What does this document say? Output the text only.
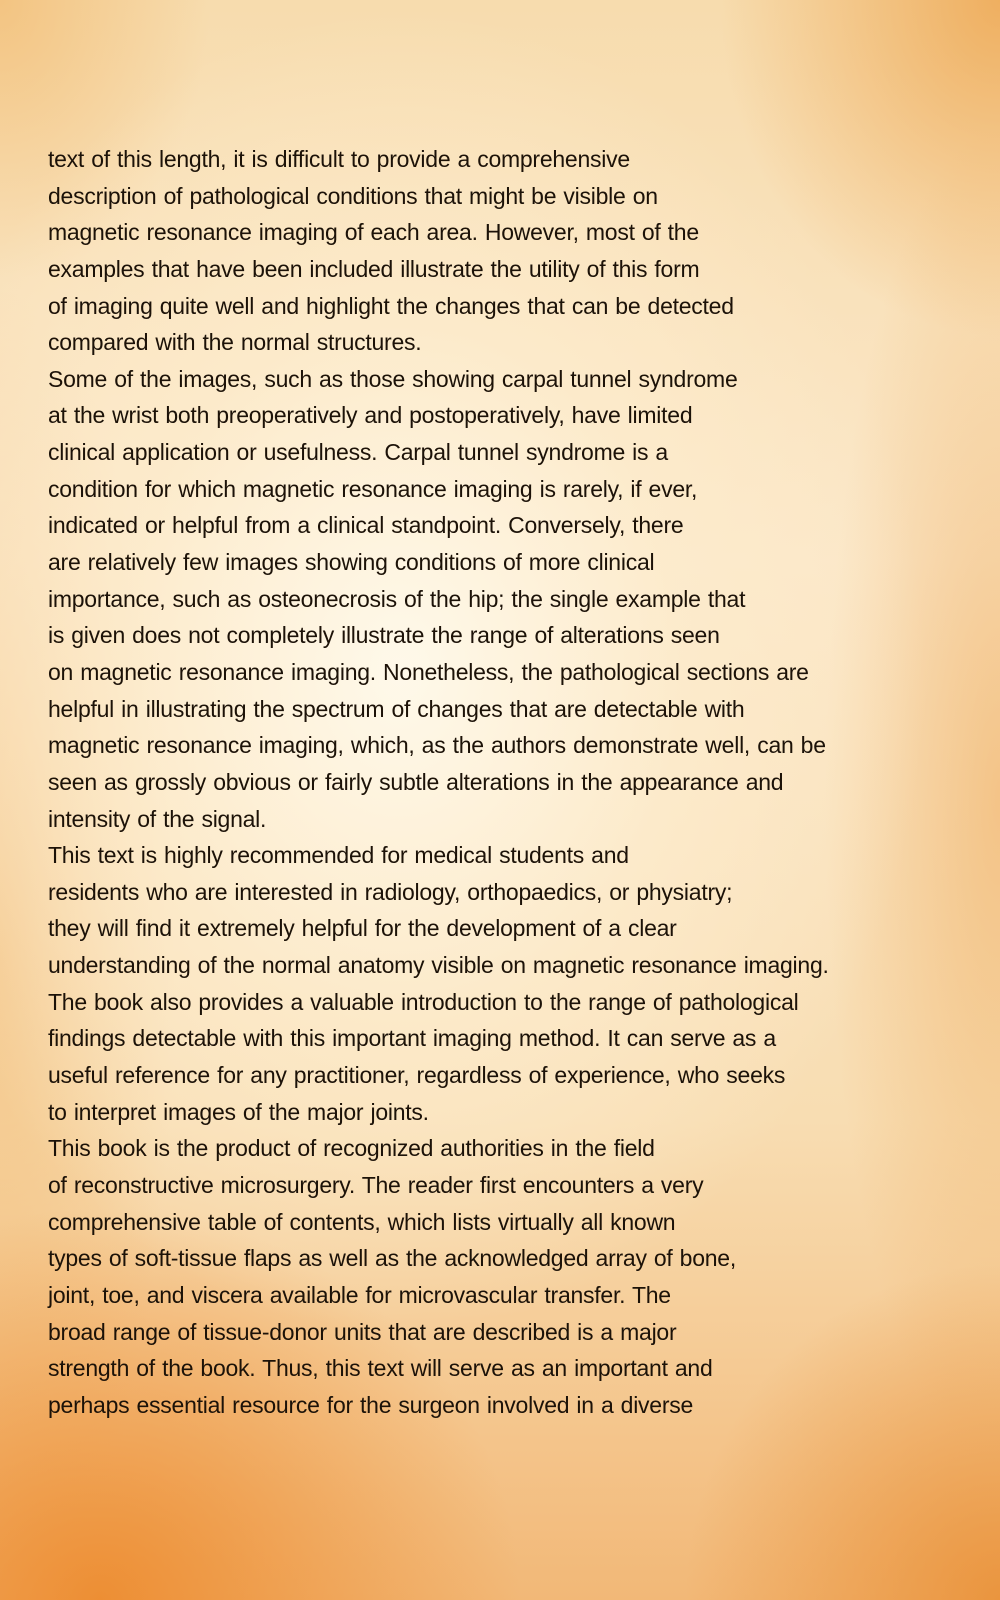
text of this length, it is difficult to provide a comprehensive
description of pathological conditions that might be visible on
magnetic resonance imaging of each area. However, most of the
examples that have been included illustrate the utility of this form
of imaging quite well and highlight the changes that can be detected
compared with the normal structures.
Some of the images, such as those showing carpal tunnel syndrome
at the wrist both preoperatively and postoperatively, have limited
clinical application or usefulness. Carpal tunnel syndrome is a
condition for which magnetic resonance imaging is rarely, if ever,
indicated or helpful from a clinical standpoint. Conversely, there
are relatively few images showing conditions of more clinical
importance, such as osteonecrosis of the hip; the single example that
is given does not completely illustrate the range of alterations seen
on magnetic resonance imaging. Nonetheless, the pathological sections are
helpful in illustrating the spectrum of changes that are detectable with
magnetic resonance imaging, which, as the authors demonstrate well, can be
seen as grossly obvious or fairly subtle alterations in the appearance and
intensity of the signal.
This text is highly recommended for medical students and
residents who are interested in radiology, orthopaedics, or physiatry;
they will find it extremely helpful for the development of a clear
understanding of the normal anatomy visible on magnetic resonance imaging.
The book also provides a valuable introduction to the range of pathological
findings detectable with this important imaging method. It can serve as a
useful reference for any practitioner, regardless of experience, who seeks
to interpret images of the major joints.
This book is the product of recognized authorities in the field
of reconstructive microsurgery. The reader first encounters a very
comprehensive table of contents, which lists virtually all known
types of soft-tissue flaps as well as the acknowledged array of bone,
joint, toe, and viscera available for microvascular transfer. The
broad range of tissue-donor units that are described is a major
strength of the book. Thus, this text will serve as an important and
perhaps essential resource for the surgeon involved in a diverse
